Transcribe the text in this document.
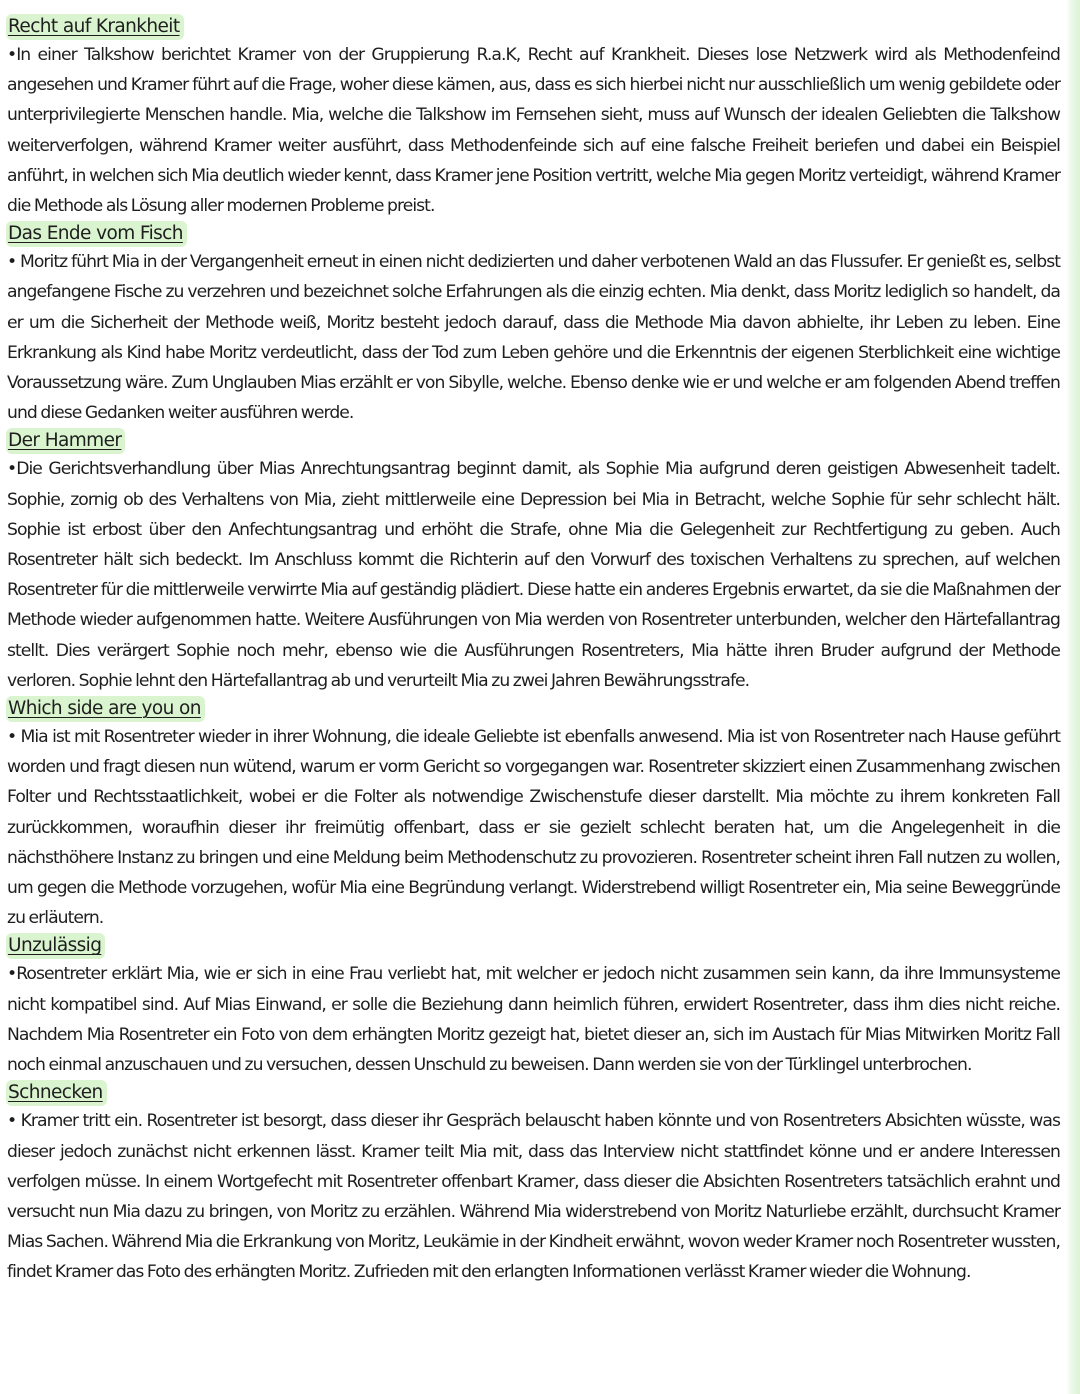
Recht auf Krankheit

•In einer Talkshow berichtet Kramer von der Gruppierung R.a.K, Recht auf Krankheit. Dieses lose Netzwerk wird als Methodenfeind angesehen und Kramer führt auf die Frage, woher diese kämen, aus, dass es sich hierbei nicht nur ausschließlich um wenig gebildete oder unterprivilegierte Menschen handle. Mia, welche die Talkshow im Fernsehen sieht, muss auf Wunsch der idealen Geliebten die Talkshow weiterverfolgen, während Kramer weiter ausführt, dass Methodenfeinde sich auf eine falsche Freiheit beriefen und dabei ein Beispiel anführt, in welchen sich Mia deutlich wieder kennt, dass Kramer jene Position vertritt, welche Mia gegen Moritz verteidigt, während Kramer die Methode als Lösung aller modernen Probleme preist.

Das Ende vom Fisch

• Moritz führt Mia in der Vergangenheit erneut in einen nicht dedizierten und daher verbotenen Wald an das Flussufer. Er genießt es, selbst angefangene Fische zu verzehren und bezeichnet solche Erfahrungen als die einzig echten. Mia denkt, dass Moritz lediglich so handelt, da er um die Sicherheit der Methode weiß, Moritz besteht jedoch darauf, dass die Methode Mia davon abhielte, ihr Leben zu leben. Eine Erkrankung als Kind habe Moritz verdeutlicht, dass der Tod zum Leben gehöre und die Erkenntnis der eigenen Sterblichkeit eine wichtige Voraussetzung wäre. Zum Unglauben Mias erzählt er von Sibylle, welche. Ebenso denke wie er und welche er am folgenden Abend treffen und diese Gedanken weiter ausführen werde.

Der Hammer

•Die Gerichtsverhandlung über Mias Anrechtungsantrag beginnt damit, als Sophie Mia aufgrund deren geistigen Abwesenheit tadelt. Sophie, zornig ob des Verhaltens von Mia, zieht mittlerweile eine Depression bei Mia in Betracht, welche Sophie für sehr schlecht hält. Sophie ist erbost über den Anfechtungsantrag und erhöht die Strafe, ohne Mia die Gelegenheit zur Rechtfertigung zu geben. Auch Rosentreter hält sich bedeckt. Im Anschluss kommt die Richterin auf den Vorwurf des toxischen Verhaltens zu sprechen, auf welchen Rosentreter für die mittlerweile verwirrte Mia auf geständig plädiert. Diese hatte ein anderes Ergebnis erwartet, da sie die Maßnahmen der Methode wieder aufgenommen hatte. Weitere Ausführungen von Mia werden von Rosentreter unterbunden, welcher den Härtefallantrag stellt. Dies verärgert Sophie noch mehr, ebenso wie die Ausführungen Rosentreters, Mia hätte ihren Bruder aufgrund der Methode verloren. Sophie lehnt den Härtefallantrag ab und verurteilt Mia zu zwei Jahren Bewährungsstrafe.

Which side are you on

• Mia ist mit Rosentreter wieder in ihrer Wohnung, die ideale Geliebte ist ebenfalls anwesend. Mia ist von Rosentreter nach Hause geführt worden und fragt diesen nun wütend, warum er vorm Gericht so vorgegangen war. Rosentreter skizziert einen Zusammenhang zwischen Folter und Rechtsstaatlichkeit, wobei er die Folter als notwendige Zwischenstufe dieser darstellt. Mia möchte zu ihrem konkreten Fall zurückkommen, woraufhin dieser ihr freimütig offenbart, dass er sie gezielt schlecht beraten hat, um die Angelegenheit in die nächsthöhere Instanz zu bringen und eine Meldung beim Methodenschutz zu provozieren. Rosentreter scheint ihren Fall nutzen zu wollen, um gegen die Methode vorzugehen, wofür Mia eine Begründung verlangt. Widerstrebend willigt Rosentreter ein, Mia seine Beweggründe zu erläutern.

Unzulässig

•Rosentreter erklärt Mia, wie er sich in eine Frau verliebt hat, mit welcher er jedoch nicht zusammen sein kann, da ihre Immunsysteme nicht kompatibel sind. Auf Mias Einwand, er solle die Beziehung dann heimlich führen, erwidert Rosentreter, dass ihm dies nicht reiche. Nachdem Mia Rosentreter ein Foto von dem erhängten Moritz gezeigt hat, bietet dieser an, sich im Austach für Mias Mitwirken Moritz Fall noch einmal anzuschauen und zu versuchen, dessen Unschuld zu beweisen. Dann werden sie von der Türklingel unterbrochen.

Schnecken

• Kramer tritt ein. Rosentreter ist besorgt, dass dieser ihr Gespräch belauscht haben könnte und von Rosentreters Absichten wüsste, was dieser jedoch zunächst nicht erkennen lässt. Kramer teilt Mia mit, dass das Interview nicht stattfindet könne und er andere Interessen verfolgen müsse. In einem Wortgefecht mit Rosentreter offenbart Kramer, dass dieser die Absichten Rosentreters tatsächlich erahnt und versucht nun Mia dazu zu bringen, von Moritz zu erzählen. Während Mia widerstrebend von Moritz Naturliebe erzählt, durchsucht Kramer Mias Sachen. Während Mia die Erkrankung von Moritz, Leukämie in der Kindheit erwähnt, wovon weder Kramer noch Rosentreter wussten, findet Kramer das Foto des erhängten Moritz. Zufrieden mit den erlangten Informationen verlässt Kramer wieder die Wohnung.
